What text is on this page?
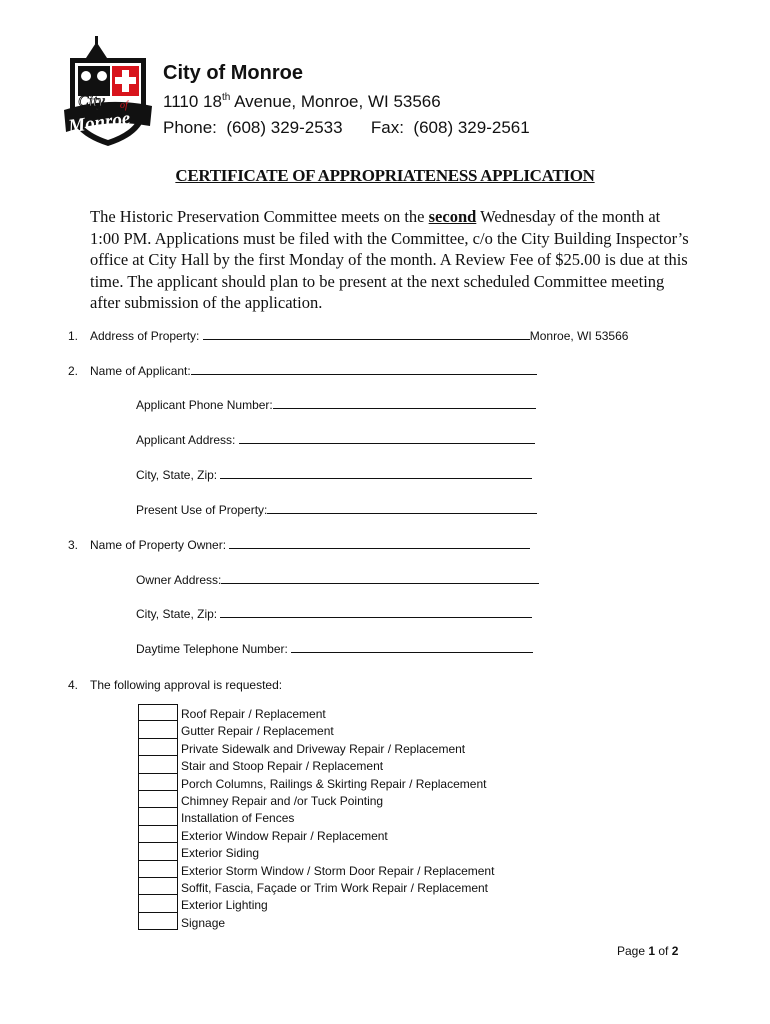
City of
Monroe
City of Monroe
1110 18th Avenue, Monroe, WI 53566
Phone:  (608) 329-2533      Fax:  (608) 329-2561
CERTIFICATE OF APPROPRIATENESS APPLICATION
The Historic Preservation Committee meets on the second Wednesday of the month at 1:00 PM. Applications must be filed with the Committee, c/o the City Building Inspector’s office at City Hall by the first Monday of the month. A Review Fee of $25.00 is due at this time. The applicant should plan to be present at the next scheduled Committee meeting after submission of the application.
1. Address of Property:	Monroe, WI 53566
2. Name of Applicant:
Applicant Phone Number:
Applicant Address:
City, State, Zip:
Present Use of Property:
3. Name of Property Owner:
Owner Address:
City, State, Zip:
Daytime Telephone Number:
4. The following approval is requested:
Roof Repair / Replacement
Gutter Repair / Replacement
Private Sidewalk and Driveway Repair / Replacement
Stair and Stoop Repair / Replacement
Porch Columns, Railings & Skirting Repair / Replacement
Chimney Repair and /or Tuck Pointing
Installation of Fences
Exterior Window Repair / Replacement
Exterior Siding
Exterior Storm Window / Storm Door Repair / Replacement
Soffit, Fascia, Façade or Trim Work Repair / Replacement
Exterior Lighting
Signage
Page 1 of 2
